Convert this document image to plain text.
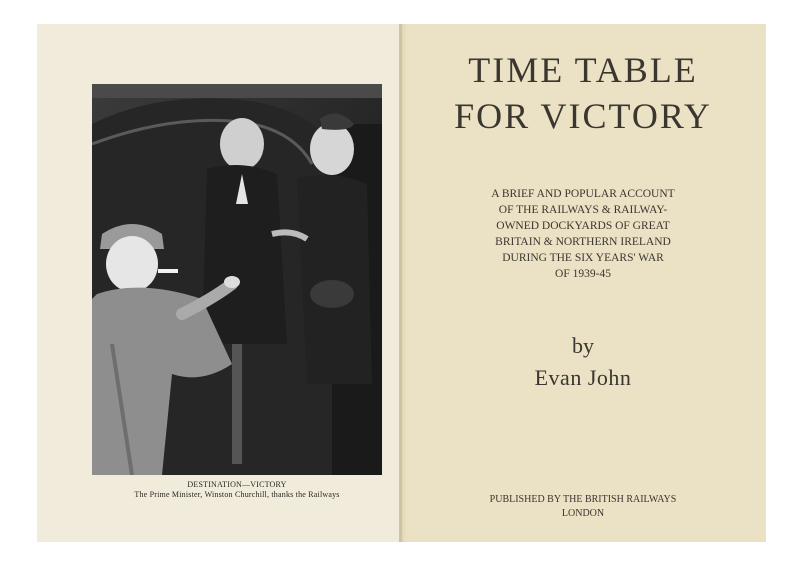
DESTINATION—VICTORY
The Prime Minister, Winston Churchill, thanks the Railways
TIME TABLE
FOR VICTORY
A BRIEF AND POPULAR ACCOUNT
OF THE RAILWAYS & RAILWAY-
OWNED DOCKYARDS OF GREAT
BRITAIN & NORTHERN IRELAND
DURING THE SIX YEARS' WAR
OF 1939-45
by
Evan John
PUBLISHED BY THE BRITISH RAILWAYS
LONDON
